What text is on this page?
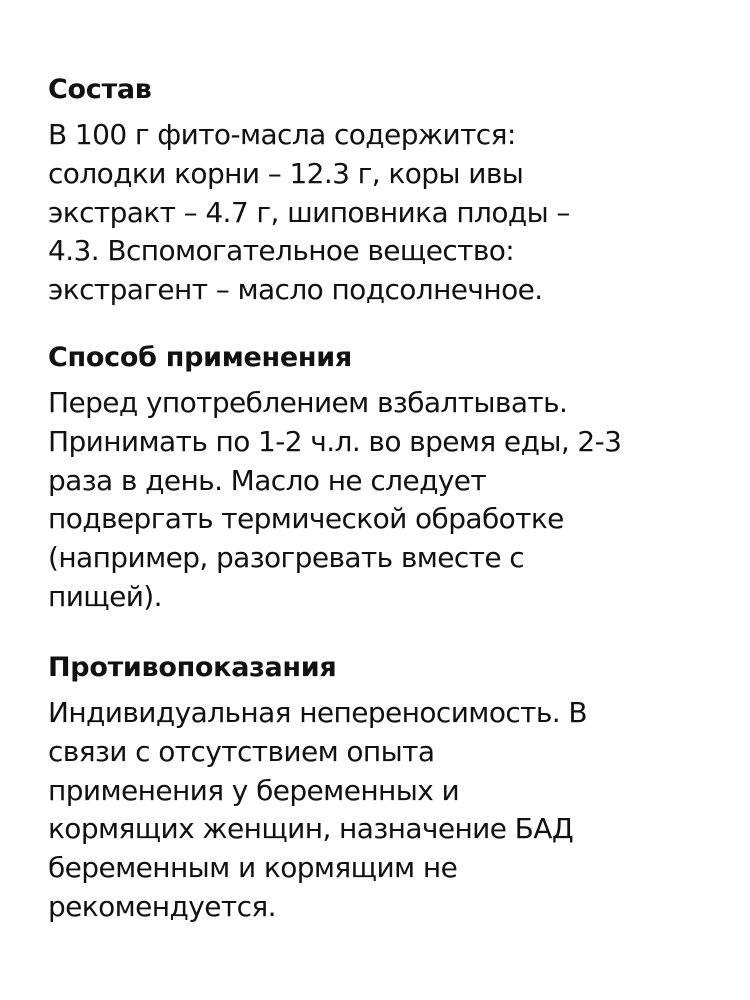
Состав
В 100 г фито-масла содержится:
солодки корни – 12.3 г, коры ивы
экстракт – 4.7 г, шиповника плоды –
4.3. Вспомогательное вещество:
экстрагент – масло подсолнечное.
Способ применения
Перед употреблением взбалтывать.
Принимать по 1-2 ч.л. во время еды, 2-3
раза в день. Масло не следует
подвергать термической обработке
(например, разогревать вместе с
пищей).
Противопоказания
Индивидуальная непереносимость. В
связи с отсутствием опыта
применения у беременных и
кормящих женщин, назначение БАД
беременным и кормящим не
рекомендуется.
